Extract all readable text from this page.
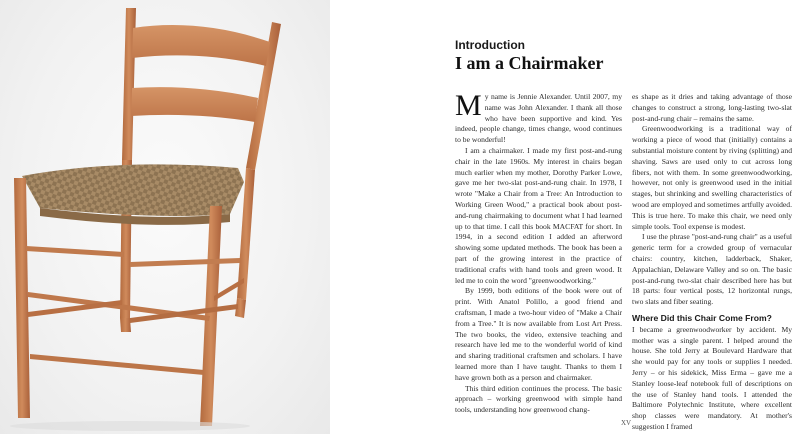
Introduction
I am a Chairmaker

My name is Jennie Alexander. Until 2007, my name was John Alexander. I thank all those who have been supportive and kind. Yes indeed, people change, times change, wood continues to be wonderful!

I am a chairmaker. I made my first post-and-rung chair in the late 1960s. My interest in chairs began much earlier when my mother, Dorothy Parker Lowe, gave me her two-slat post-and-rung chair. In 1978, I wrote "Make a Chair from a Tree: An Introduction to Working Green Wood," a practical book about post-and-rung chairmaking to document what I had learned up to that time. I call this book MACFAT for short. In 1994, in a second edition I added an afterword showing some updated methods. The book has been a part of the growing interest in the practice of traditional crafts with hand tools and green wood. It led me to coin the word "greenwoodworking."

By 1999, both editions of the book were out of print. With Anatol Polillo, a good friend and craftsman, I made a two-hour video of "Make a Chair from a Tree." It is now available from Lost Art Press. The two books, the video, extensive teaching and research have led me to the wonderful world of kind and sharing traditional craftsmen and scholars. I have learned more than I have taught. Thanks to them I have grown both as a person and chairmaker.

This third edition continues the process. The basic approach – working greenwood with simple hand tools, understanding how greenwood chang-

es shape as it dries and taking advantage of those changes to construct a strong, long-lasting two-slat post-and-rung chair – remains the same.

Greenwoodworking is a traditional way of working a piece of wood that (initially) contains a substantial moisture content by riving (splitting) and shaving. Saws are used only to cut across long fibers, not with them. In some greenwoodworking, however, not only is greenwood used in the initial stages, but shrinking and swelling characteristics of wood are employed and sometimes artfully avoided. This is true here. To make this chair, we need only simple tools. Tool expense is modest.

I use the phrase "post-and-rung chair" as a useful generic term for a crowded group of vernacular chairs: country, kitchen, ladderback, Shaker, Appalachian, Delaware Valley and so on. The basic post-and-rung two-slat chair described here has but 18 parts: four vertical posts, 12 horizontal rungs, two slats and fiber seating.

Where Did this Chair Come From?

I became a greenwoodworker by accident. My mother was a single parent. I helped around the house. She told Jerry at Boulevard Hardware that she would pay for any tools or supplies I needed. Jerry – or his sidekick, Miss Erma – gave me a Stanley loose-leaf notebook full of descriptions on the use of Stanley hand tools. I attended the Baltimore Polytechnic Institute, where excellent shop classes were mandatory. At mother's suggestion I framed

XV
